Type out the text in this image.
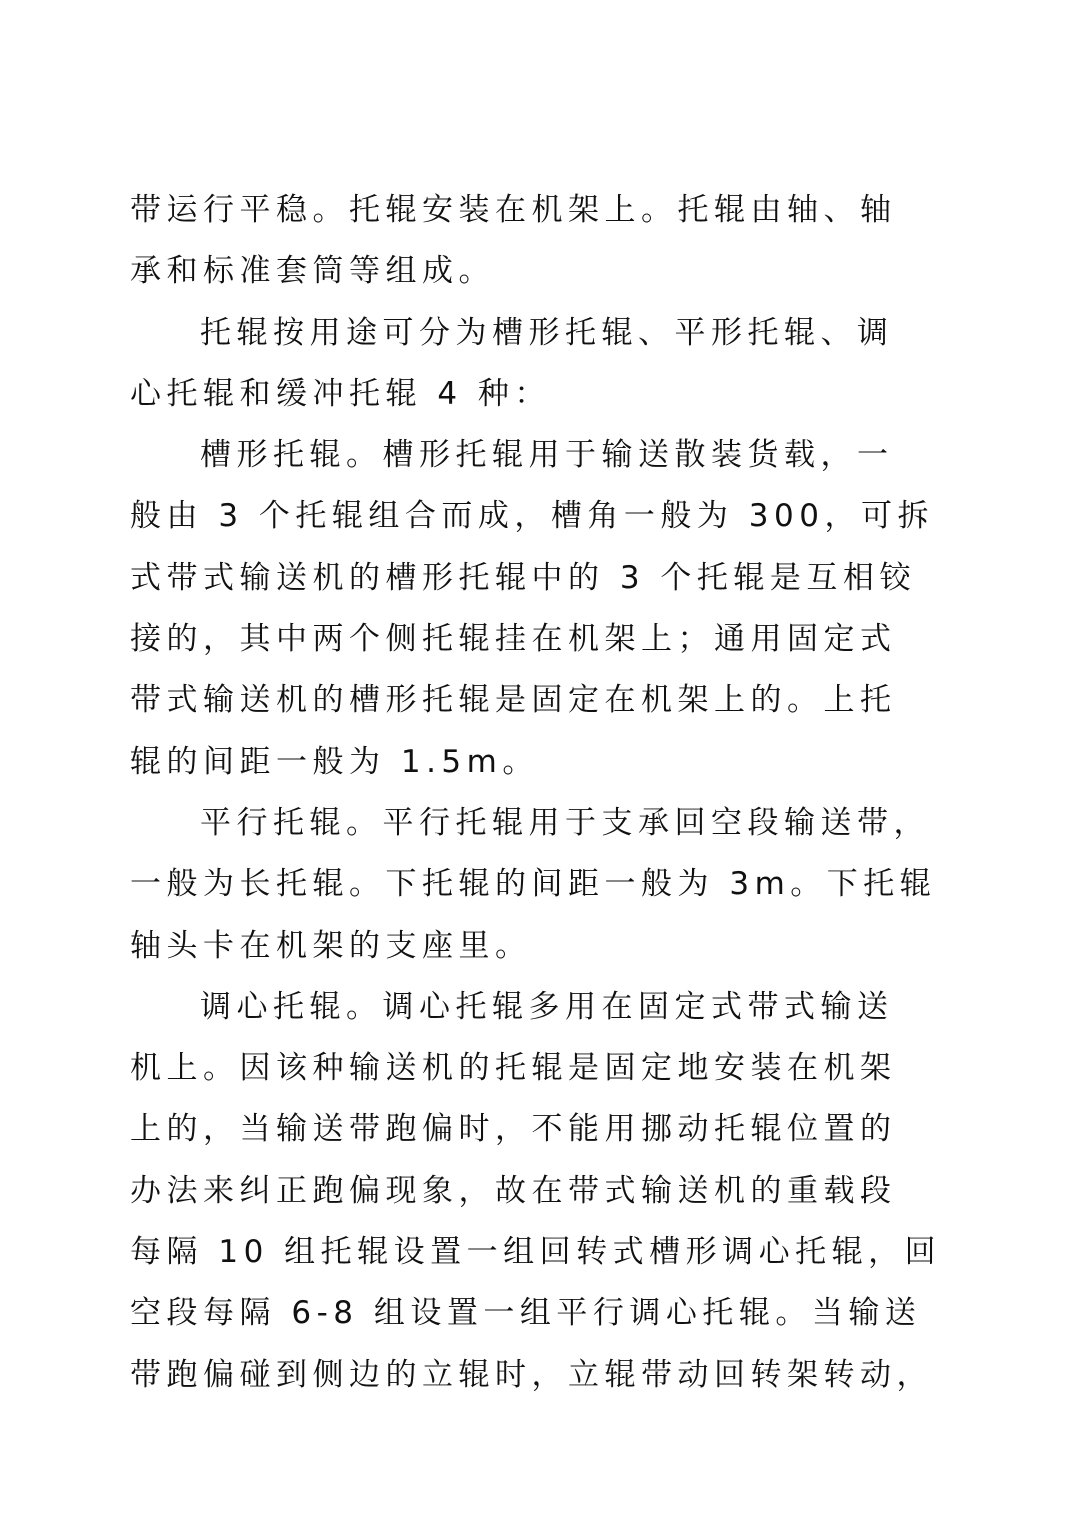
带运行平稳。托辊安装在机架上。托辊由轴、轴
承和标准套筒等组成。

托辊按用途可分为槽形托辊、平形托辊、调
心托辊和缓冲托辊 4 种：

槽形托辊。槽形托辊用于输送散装货载，一
般由 3 个托辊组合而成，槽角一般为 300，可拆
式带式输送机的槽形托辊中的 3 个托辊是互相铰
接的，其中两个侧托辊挂在机架上；通用固定式
带式输送机的槽形托辊是固定在机架上的。上托
辊的间距一般为 1.5m。

平行托辊。平行托辊用于支承回空段输送带，
一般为长托辊。下托辊的间距一般为 3m。下托辊
轴头卡在机架的支座里。

调心托辊。调心托辊多用在固定式带式输送
机上。因该种输送机的托辊是固定地安装在机架
上的，当输送带跑偏时，不能用挪动托辊位置的
办法来纠正跑偏现象，故在带式输送机的重载段
每隔 10 组托辊设置一组回转式槽形调心托辊，回
空段每隔 6-8 组设置一组平行调心托辊。当输送
带跑偏碰到侧边的立辊时，立辊带动回转架转动，
